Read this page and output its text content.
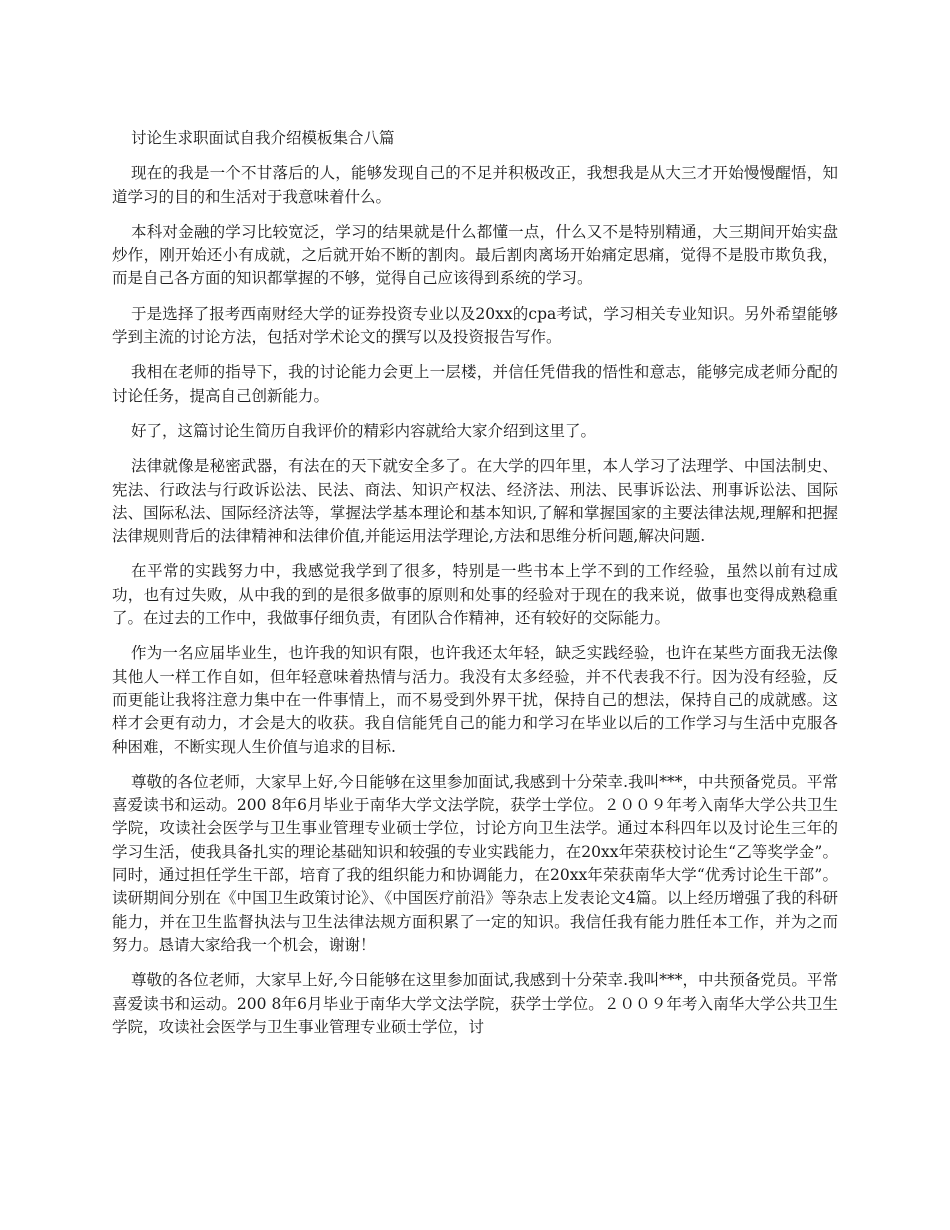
讨论生求职面试自我介绍模板集合八篇

现在的我是一个不甘落后的人，能够发现自己的不足并积极改正，我想我是从大三才开始慢慢醒悟，知道学习的目的和生活对于我意味着什么。

本科对金融的学习比较宽泛，学习的结果就是什么都懂一点，什么又不是特别精通，大三期间开始实盘炒作，刚开始还小有成就，之后就开始不断的割肉。最后割肉离场开始痛定思痛，觉得不是股市欺负我，而是自己各方面的知识都掌握的不够，觉得自己应该得到系统的学习。

于是选择了报考西南财经大学的证券投资专业以及20xx的cpa考试，学习相关专业知识。另外希望能够学到主流的讨论方法，包括对学术论文的撰写以及投资报告写作。

我相在老师的指导下，我的讨论能力会更上一层楼，并信任凭借我的悟性和意志，能够完成老师分配的讨论任务，提高自己创新能力。

好了，这篇讨论生简历自我评价的精彩内容就给大家介绍到这里了。

法律就像是秘密武器，有法在的天下就安全多了。在大学的四年里，本人学习了法理学、中国法制史、宪法、行政法与行政诉讼法、民法、商法、知识产权法、经济法、刑法、民事诉讼法、刑事诉讼法、国际法、国际私法、国际经济法等，掌握法学基本理论和基本知识,了解和掌握国家的主要法律法规,理解和把握法律规则背后的法律精神和法律价值,并能运用法学理论,方法和思维分析问题,解决问题.

在平常的实践努力中，我感觉我学到了很多，特别是一些书本上学不到的工作经验，虽然以前有过成功，也有过失败，从中我的到的是很多做事的原则和处事的经验对于现在的我来说，做事也变得成熟稳重了。在过去的工作中，我做事仔细负责，有团队合作精神，还有较好的交际能力。

作为一名应届毕业生，也许我的知识有限，也许我还太年轻，缺乏实践经验，也许在某些方面我无法像其他人一样工作自如，但年轻意味着热情与活力。我没有太多经验，并不代表我不行。因为没有经验，反而更能让我将注意力集中在一件事情上，而不易受到外界干扰，保持自己的想法，保持自己的成就感。这样才会更有动力，才会是大的收获。我自信能凭自己的能力和学习在毕业以后的工作学习与生活中克服各种困难，不断实现人生价值与追求的目标.

尊敬的各位老师，大家早上好,今日能够在这里参加面试,我感到十分荣幸.我叫***，中共预备党员。平常喜爱读书和运动。200 8年6月毕业于南华大学文法学院，获学士学位。２００９年考入南华大学公共卫生学院，攻读社会医学与卫生事业管理专业硕士学位，讨论方向卫生法学。通过本科四年以及讨论生三年的学习生活，使我具备扎实的理论基础知识和较强的专业实践能力，在20xx年荣获校讨论生“乙等奖学金”。同时，通过担任学生干部，培育了我的组织能力和协调能力，在20xx年荣获南华大学“优秀讨论生干部”。读研期间分别在《中国卫生政策讨论》、《中国医疗前沿》等杂志上发表论文4篇。以上经历增强了我的科研能力，并在卫生监督执法与卫生法律法规方面积累了一定的知识。我信任我有能力胜任本工作，并为之而努力。恳请大家给我一个机会，谢谢！

尊敬的各位老师，大家早上好,今日能够在这里参加面试,我感到十分荣幸.我叫***，中共预备党员。平常喜爱读书和运动。200 8年6月毕业于南华大学文法学院，获学士学位。２００９年考入南华大学公共卫生学院，攻读社会医学与卫生事业管理专业硕士学位，讨
